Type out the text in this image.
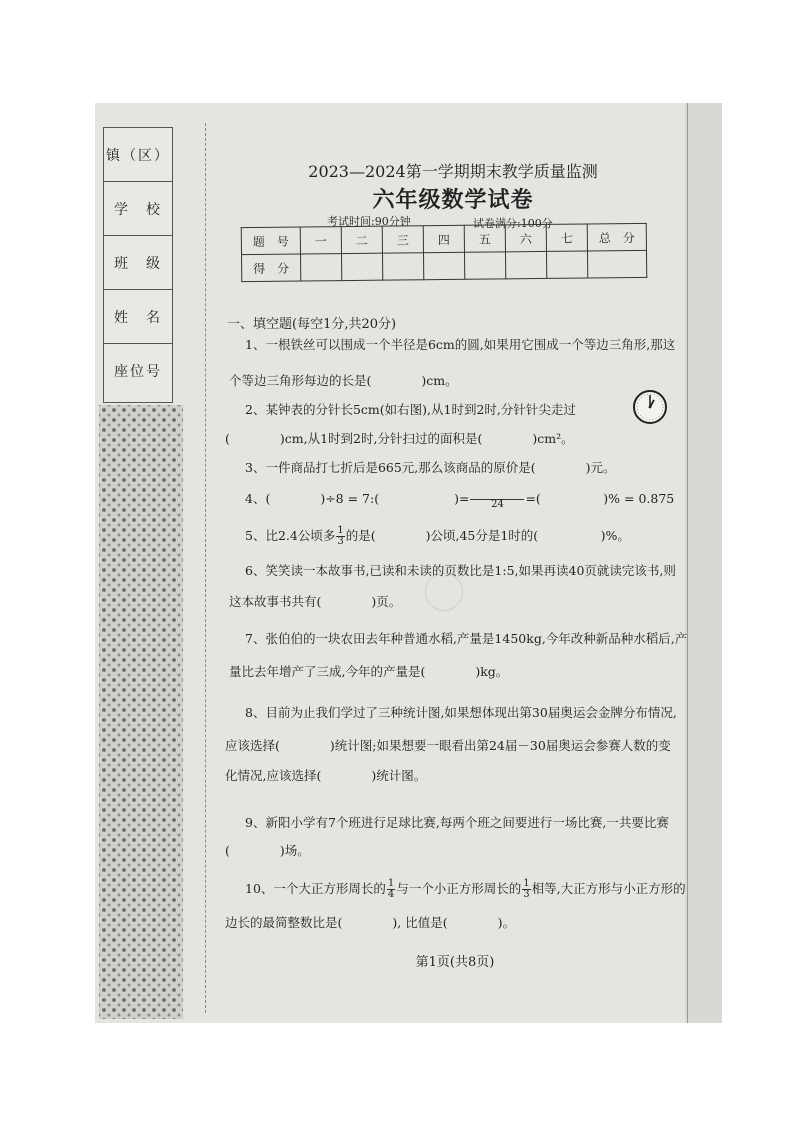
镇（区）
学　校
班　级
姓　名
座位号
2023—2024第一学期期末教学质量监测
六年级数学试卷
考试时间:90分钟	试卷满分:100分
题　号	一	二	三	四	五	六	七	总　分
得　分								
一、填空题(每空1分,共20分)
1、一根铁丝可以围成一个半径是6cm的圆,如果用它围成一个等边三角形,那这
个等边三角形每边的长是(　　　　)cm。
2、某钟表的分针长5cm(如右图),从1时到2时,分针针尖走过
(　　　　)cm,从1时到2时,分针扫过的面积是(　　　　)cm²。
3、一件商品打七折后是665元,那么该商品的原价是(　　　　)元。
4、(　　　　)÷8 = 7:(　　　　　　)=	24	=(　　　　　)% = 0.875
5、比2.4公顷多 $\frac{1}{3}$ 的是(　　　　)公顷,45分是1时的(　　　　　)%。
6、笑笑读一本故事书,已读和未读的页数比是1:5,如果再读40页就读完该书,则
这本故事书共有(　　　　)页。
7、张伯伯的一块农田去年种普通水稻,产量是1450kg,今年改种新品种水稻后,产
量比去年增产了三成,今年的产量是(　　　　)kg。
8、目前为止我们学过了三种统计图,如果想体现出第30届奥运会金牌分布情况,
应该选择(　　　　)统计图;如果想要一眼看出第24届－30届奥运会参赛人数的变
化情况,应该选择(　　　　)统计图。
9、新阳小学有7个班进行足球比赛,每两个班之间要进行一场比赛,一共要比赛
(　　　　)场。
10、一个大正方形周长的 $\frac{1}{4}$ 与一个小正方形周长的 $\frac{1}{3}$ 相等,大正方形与小正方形的
边长的最简整数比是(　　　　), 比值是(　　　　)。
第1页(共8页)
